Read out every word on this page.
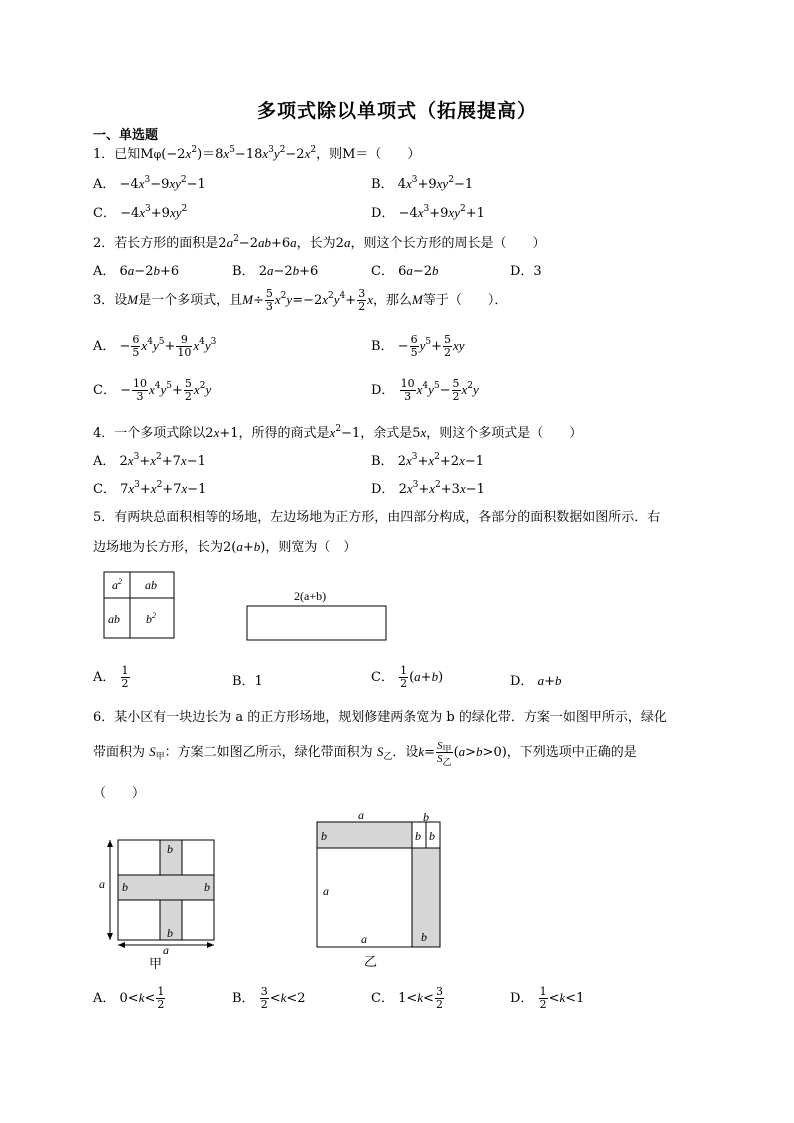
多项式除以单项式（拓展提高）
一、单选题
1．已知$M\varphi(-2x^2)=8x^5-18x^3y^2-2x^2$，则M＝（　　）
A． $-4x^3-9xy^2-1$	B． $4x^3+9xy^2-1$
C． $-4x^3+9xy^2$	D． $-4x^3+9xy^2+1$
2．若长方形的面积是$2a^2-2ab+6a$，长为2a，则这个长方形的周长是（　　）
A． 6a−2b+6	B． 2a−2b+6	C． 6a−2b	D．3
3．设M是一个多项式，且$M\div \frac{5}{3} x^2y=-2x^2y^4+ \frac{3}{2}$ x，那么M等于（　　）．
A． − $\frac{6}{5} x^4y^5+ \frac{9}{10} x^4y^3$	B． − $\frac{6}{5} y^5+ \frac{5}{2}$ xy
C． − $\frac{10}{3} x^4y^5+ \frac{5}{2} x^2y$	D． $\frac{10}{3} x^4y^5- \frac{5}{2} x^2y$
4．一个多项式除以2x+1，所得的商式是$x^2-1$，余式是5x，则这个多项式是（　　）
A． $2x^3+x^2+7x-1$	B． $2x^3+x^2+2x-1$
C． $7x^3+x^2+7x-1$	D． $2x^3+x^2+3x-1$
5．有两块总面积相等的场地，左边场地为正方形，由四部分构成，各部分的面积数据如图所示．右
边场地为长方形，长为2(a+b)，则宽为（　）
$a^2$ ab
ab $b^2$
2(a+b)
A． $\frac{1}{2}$	B．1	C． $\frac{1}{2} (a+b)$	D． a+b
6．某小区有一块边长为 a 的正方形场地，规划修建两条宽为 b 的绿化带．方案一如图甲所示，绿化
带面积为 $S_甲$：方案二如图乙所示，绿化带面积为 $S_乙$．设$k= \frac{S_甲}{S_乙} (a>b>0)$，下列选项中正确的是
（　　）
a
a
b
b	b
b
甲
a	b
b	b b
a
a	b
乙
A． $0<k< \frac{1}{2}$	B． $\frac{3}{2} <k<2$	C． $1<k< \frac{3}{2}$	D． $\frac{1}{2} <k<1$
